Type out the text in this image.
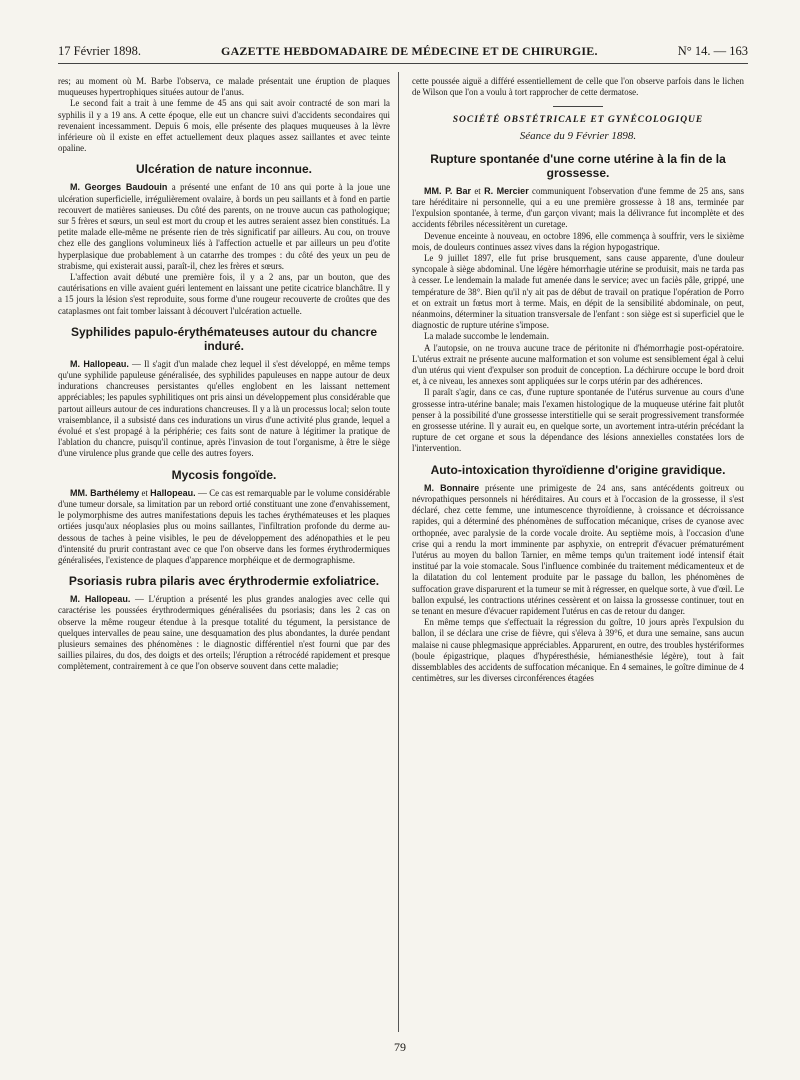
17 Février 1898.	GAZETTE HEBDOMADAIRE DE MÉDECINE ET DE CHIRURGIE.	N° 14. — 163

res; au moment où M. Barbe l'observa, ce malade présentait une éruption de plaques muqueuses hypertrophiques situées autour de l'anus.

Le second fait a trait à une femme de 45 ans qui sait avoir contracté de son mari la syphilis il y a 19 ans. A cette époque, elle eut un chancre suivi d'accidents secondaires qui revenaient incessamment. Depuis 6 mois, elle présente des plaques muqueuses à la lèvre inférieure où il existe en effet actuellement deux plaques assez saillantes et avec teinte opaline.

Ulcération de nature inconnue.

M. Georges Baudouin a présenté une enfant de 10 ans qui porte à la joue une ulcération superficielle, irrégulièrement ovalaire, à bords un peu saillants et à fond en partie recouvert de matières sanieuses. Du côté des parents, on ne trouve aucun cas pathologique; sur 5 frères et sœurs, un seul est mort du croup et les autres seraient assez bien constitués. La petite malade elle-même ne présente rien de très significatif par ailleurs. Au cou, on trouve chez elle des ganglions volumineux liés à l'affection actuelle et par ailleurs un peu d'otite hyperplasique due probablement à un catarrhe des trompes : du côté des yeux un peu de strabisme, qui existerait aussi, paraît-il, chez les frères et sœurs.

L'affection avait débuté une première fois, il y a 2 ans, par un bouton, que des cautérisations en ville avaient guéri lentement en laissant une petite cicatrice blanchâtre. Il y a 15 jours la lésion s'est reproduite, sous forme d'une rougeur recouverte de croûtes que des cataplasmes ont fait tomber laissant à découvert l'ulcération actuelle.

Syphilides papulo-érythémateuses autour du chancre induré.

M. Hallopeau. — Il s'agit d'un malade chez lequel il s'est développé, en même temps qu'une syphilide papuleuse généralisée, des syphilides papuleuses en nappe autour de deux indurations chancreuses persistantes qu'elles englobent en les laissant nettement appréciables; les papules syphilitiques ont pris ainsi un développement plus considérable que partout ailleurs autour de ces indurations chancreuses. Il y a là un processus local; selon toute vraisemblance, il a subsisté dans ces indurations un virus d'une activité plus grande, lequel a évolué et s'est propagé à la périphérie; ces faits sont de nature à légitimer la pratique de l'ablation du chancre, puisqu'il continue, après l'invasion de tout l'organisme, à être le siège d'une virulence plus grande que celle des autres foyers.

Mycosis fongoïde.

MM. Barthélemy et Hallopeau. — Ce cas est remarquable par le volume considérable d'une tumeur dorsale, sa limitation par un rebord ortié constituant une zone d'envahissement, le polymorphisme des autres manifestations depuis les taches érythémateuses et les plaques ortiées jusqu'aux néoplasies plus ou moins saillantes, l'infiltration profonde du derme au-dessous de taches à peine visibles, le peu de développement des adénopathies et le peu d'intensité du prurit contrastant avec ce que l'on observe dans les formes érythrodermiques généralisées, l'existence de plaques d'apparence morphéique et de dermographisme.

Psoriasis rubra pilaris avec érythrodermie exfoliatrice.

M. Hallopeau. — L'éruption a présenté les plus grandes analogies avec celle qui caractérise les poussées érythrodermiques généralisées du psoriasis; dans les 2 cas on observe la même rougeur étendue à la presque totalité du tégument, la persistance de quelques intervalles de peau saine, une desquamation des plus abondantes, la durée pendant plusieurs semaines des phénomènes : le diagnostic différentiel n'est fourni que par des saillies pilaires, du dos, des doigts et des orteils; l'éruption a rétrocédé rapidement et presque complètement, contrairement à ce que l'on observe souvent dans cette maladie;

cette poussée aiguë a différé essentiellement de celle que l'on observe parfois dans le lichen de Wilson que l'on a voulu à tort rapprocher de cette dermatose.

SOCIÉTÉ OBSTÉTRICALE ET GYNÉCOLOGIQUE
Séance du 9 Février 1898.
Rupture spontanée d'une corne utérine à la fin de la grossesse.

MM. P. Bar et R. Mercier communiquent l'observation d'une femme de 25 ans, sans tare héréditaire ni personnelle, qui a eu une première grossesse à 18 ans, terminée par l'expulsion spontanée, à terme, d'un garçon vivant; mais la délivrance fut incomplète et des accidents fébriles nécessitèrent un curetage.

Devenue enceinte à nouveau, en octobre 1896, elle commença à souffrir, vers le sixième mois, de douleurs continues assez vives dans la région hypogastrique.

Le 9 juillet 1897, elle fut prise brusquement, sans cause apparente, d'une douleur syncopale à siège abdominal. Une légère hémorrhagie utérine se produisit, mais ne tarda pas à cesser. Le lendemain la malade fut amenée dans le service; avec un faciès pâle, grippé, une température de 38°. Bien qu'il n'y ait pas de début de travail on pratique l'opération de Porro et on extrait un fœtus mort à terme. Mais, en dépit de la sensibilité abdominale, on peut, néanmoins, déterminer la situation transversale de l'enfant : son siège est si superficiel que le diagnostic de rupture utérine s'impose.

La malade succombe le lendemain.

A l'autopsie, on ne trouva aucune trace de péritonite ni d'hémorrhagie post-opératoire. L'utérus extrait ne présente aucune malformation et son volume est sensiblement égal à celui d'un utérus qui vient d'expulser son produit de conception. La déchirure occupe le bord droit et, à ce niveau, les annexes sont appliquées sur le corps utérin par des adhérences.

Il paraît s'agir, dans ce cas, d'une rupture spontanée de l'utérus survenue au cours d'une grossesse intra-utérine banale; mais l'examen histologique de la muqueuse utérine fait plutôt penser à la possibilité d'une grossesse interstitielle qui se serait progressivement transformée en grossesse utérine. Il y aurait eu, en quelque sorte, un avortement intra-utérin précédant la rupture de cet organe et sous la dépendance des lésions annexielles constatées lors de l'intervention.

Auto-intoxication thyroïdienne d'origine gravidique.

M. Bonnaire présente une primigeste de 24 ans, sans antécédents goitreux ou névropathiques personnels ni héréditaires. Au cours et à l'occasion de la grossesse, il s'est déclaré, chez cette femme, une intumescence thyroïdienne, à croissance et décroissance rapides, qui a déterminé des phénomènes de suffocation mécanique, crises de cyanose avec orthopnée, avec paralysie de la corde vocale droite. Au septième mois, à l'occasion d'une crise qui a rendu la mort imminente par asphyxie, on entreprit d'évacuer prématurément l'utérus au moyen du ballon Tarnier, en même temps qu'un traitement iodé intensif était institué par la voie stomacale. Sous l'influence combinée du traitement médicamenteux et de la dilatation du col lentement produite par le passage du ballon, les phénomènes de suffocation grave disparurent et la tumeur se mit à régresser, en quelque sorte, à vue d'œil. Le ballon expulsé, les contractions utérines cessèrent et on laissa la grossesse continuer, tout en se tenant en mesure d'évacuer rapidement l'utérus en cas de retour du danger.

En même temps que s'effectuait la régression du goître, 10 jours après l'expulsion du ballon, il se déclara une crise de fièvre, qui s'éleva à 39°6, et dura une semaine, sans aucun malaise ni cause phlegmasique appréciables. Apparurent, en outre, des troubles hystériformes (boule épigastrique, plaques d'hypéresthésie, hémianesthésie légère), tout à fait dissemblables des accidents de suffocation mécanique. En 4 semaines, le goître diminue de 4 centimètres, sur les diverses circonférences étagées

79
